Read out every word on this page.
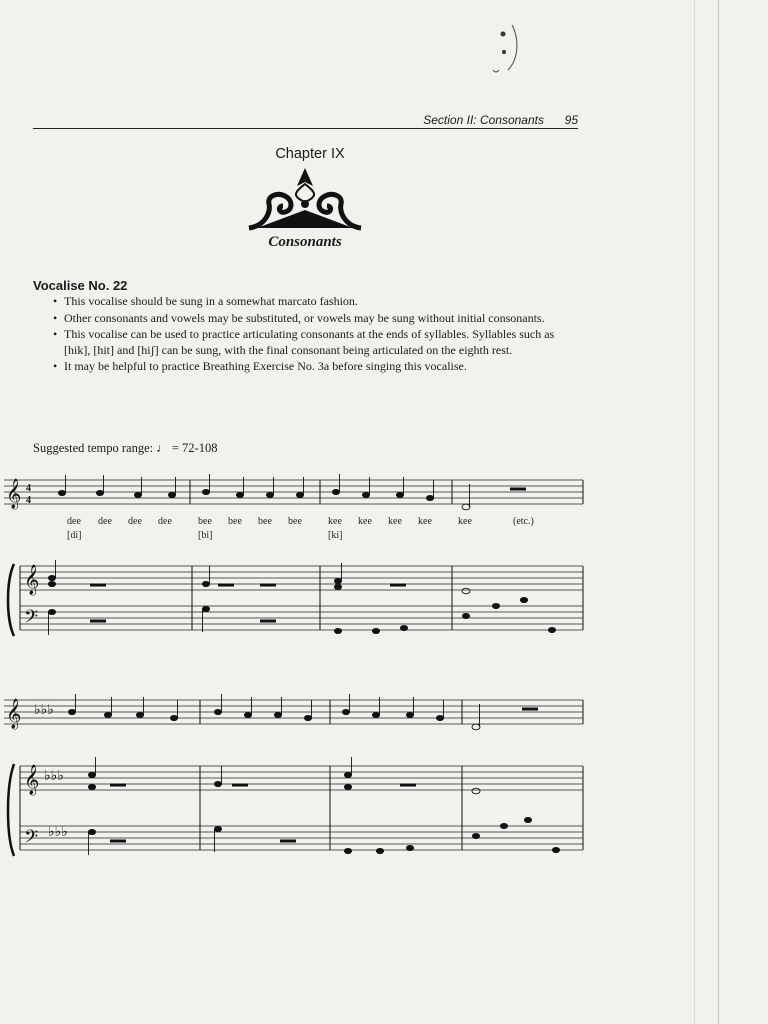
Section II: Consonants 95
Chapter IX
Consonants
Vocalise No. 22
• This vocalise should be sung in a somewhat marcato fashion.
• Other consonants and vowels may be substituted, or vowels may be sung without initial consonants.
• This vocalise can be used to practice articulating consonants at the ends of syllables. Syllables such as [hik], [hit] and [hiʃ] can be sung, with the final consonant being articulated on the eighth rest.
• It may be helpful to practice Breathing Exercise No. 3a before singing this vocalise.
Suggested tempo range: ♩ = 72-108
𝄞
𝄞
𝄢
4
4
dee dee dee dee	bee bee bee bee	kee kee kee kee	kee	(etc.)
[di]	[bi]	[ki]
𝄞
𝄞
𝄢
♭♭♭
♭♭♭
♭♭♭
